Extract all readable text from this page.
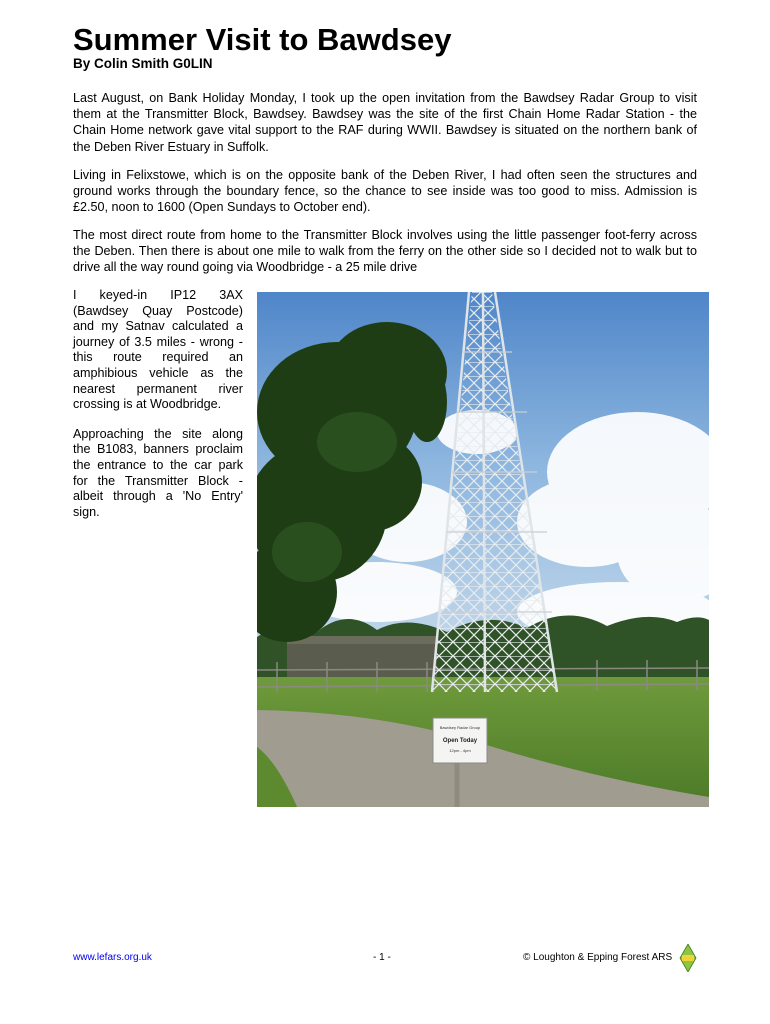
Summer Visit to Bawdsey

By Colin Smith G0LIN

Last August, on Bank Holiday Monday, I took up the open invitation from the Bawdsey Radar Group to visit them at the Transmitter Block, Bawdsey. Bawdsey was the site of the first Chain Home Radar Station - the Chain Home network gave vital support to the RAF during WWII. Bawdsey is situated on the northern bank of the Deben River Estuary in Suffolk.

Living in Felixstowe, which is on the opposite bank of the Deben River, I had often seen the structures and ground works through the boundary fence, so the chance to see inside was too good to miss. Admission is £2.50, noon to 1600 (Open Sundays to October end).

The most direct route from home to the Transmitter Block involves using the little passenger foot-ferry across the Deben. Then there is about one mile to walk from the ferry on the other side so I decided not to walk but to drive all the way round going via Woodbridge - a 25 mile drive

I keyed-in IP12 3AX (Bawdsey Quay Postcode) and my Satnav calculated a journey of 3.5 miles - wrong - this route required an amphibious vehicle as the nearest permanent river crossing is at Woodbridge.

Approaching the site along the B1083, banners proclaim the entrance to the car park for the Transmitter Block - albeit through a 'No Entry' sign.

Bawdsey Radar Group
Open Today
12pm - 4pm
www.lefars.org.uk	- 1 -	© Loughton & Epping Forest ARS
